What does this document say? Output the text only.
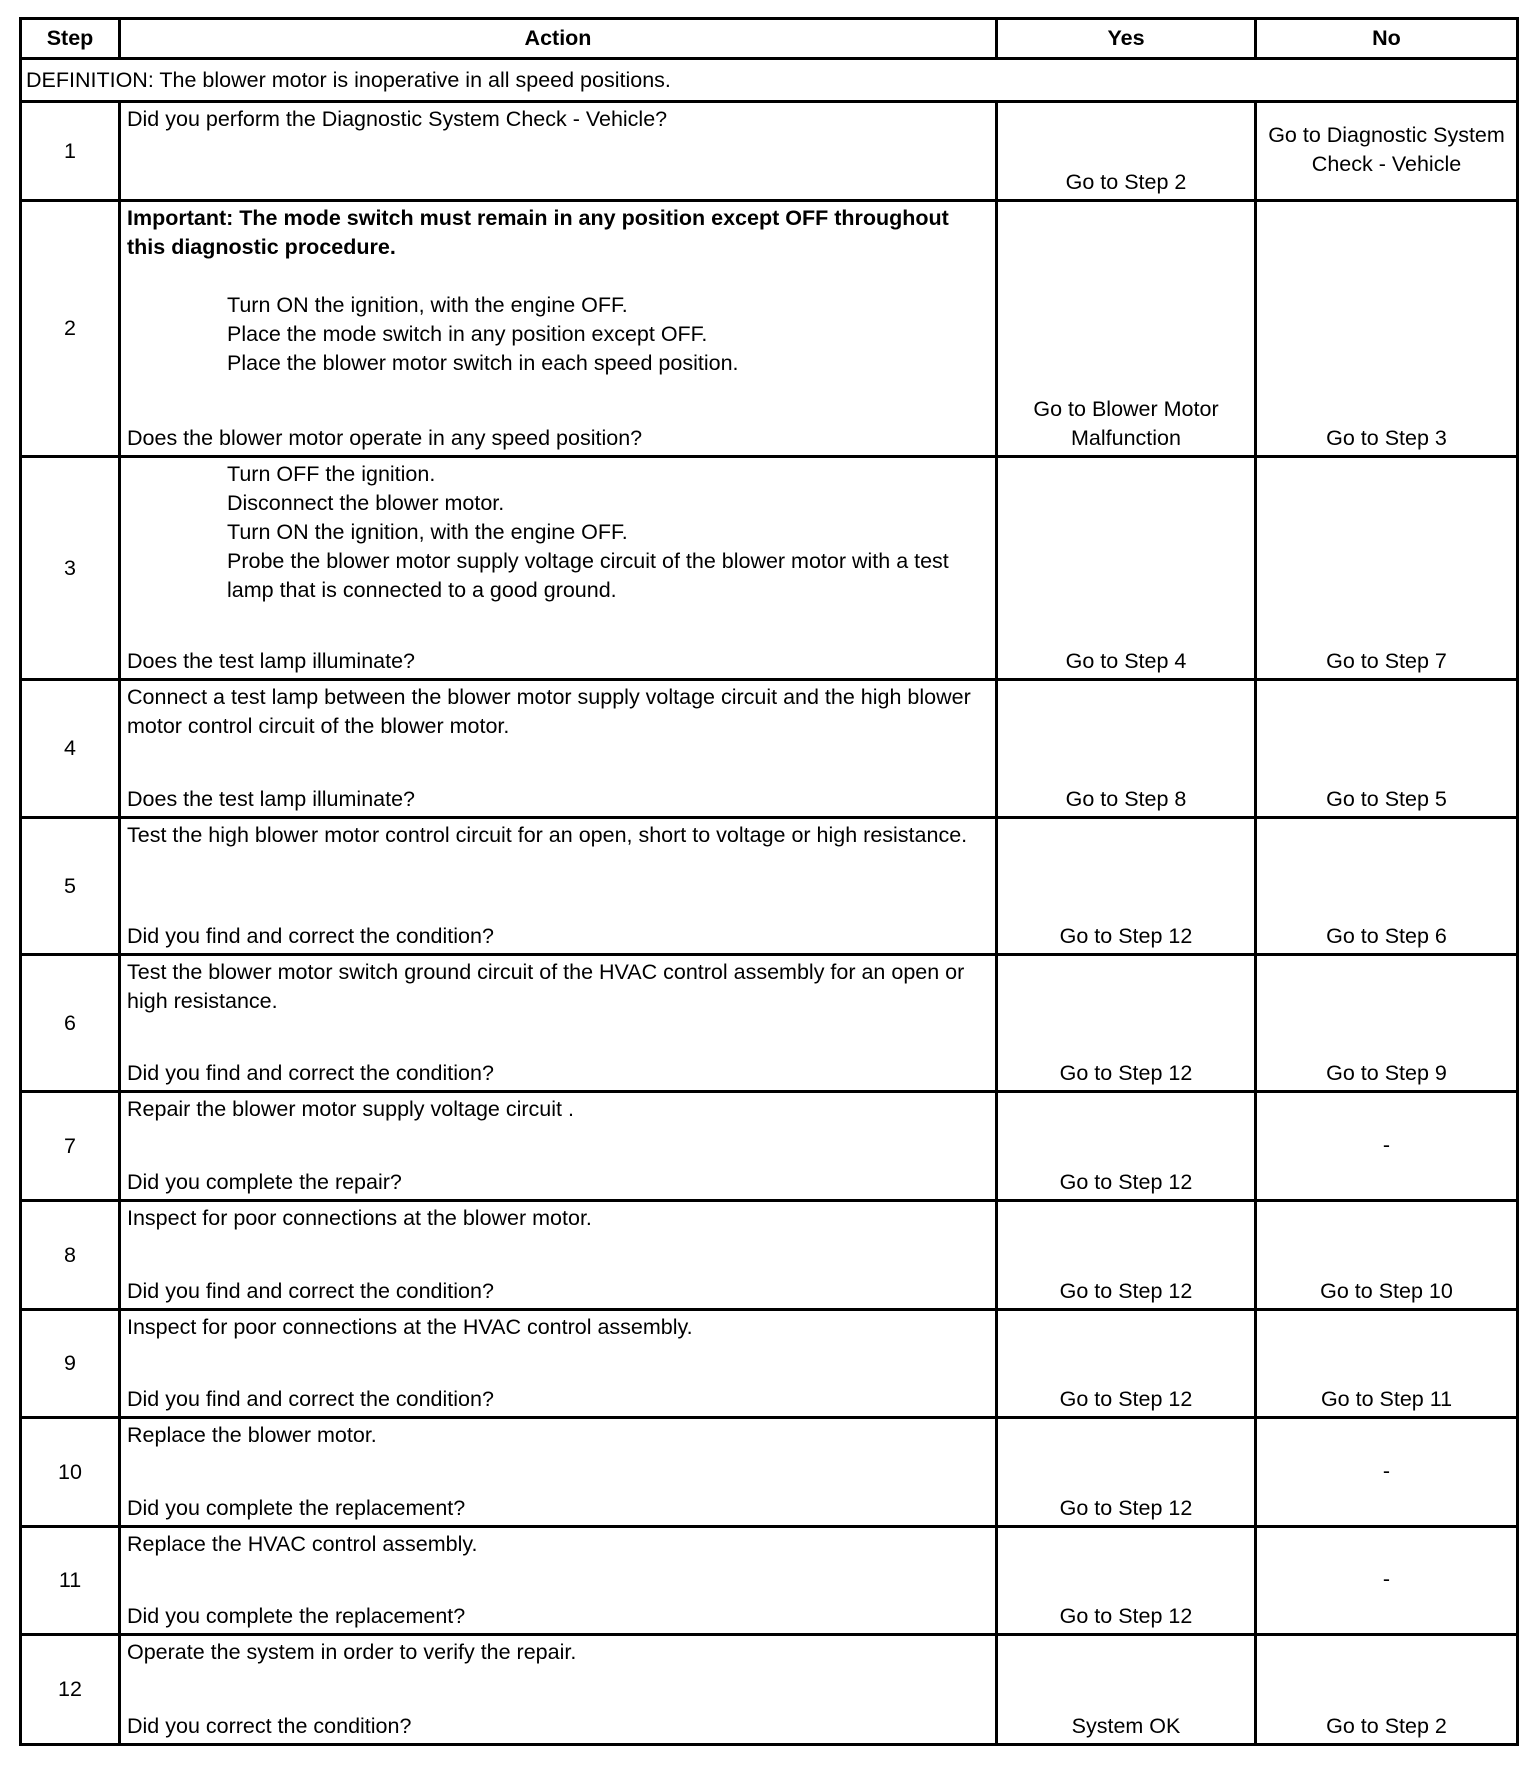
Step	Action	Yes	No
DEFINITION: The blower motor is inoperative in all speed positions.			
1	Did you perform the Diagnostic System Check - Vehicle?	Go to Step 2	Go to Diagnostic System Check - Vehicle
2	Important: The mode switch must remain in any position except OFF throughout this diagnostic procedure.
Turn ON the ignition, with the engine OFF.
Place the mode switch in any position except OFF.
Place the blower motor switch in each speed position.
Does the blower motor operate in any speed position?	Go to Blower Motor Malfunction	Go to Step 3
3	Turn OFF the ignition.
Disconnect the blower motor.
Turn ON the ignition, with the engine OFF.
Probe the blower motor supply voltage circuit of the blower motor with a test lamp that is connected to a good ground.
Does the test lamp illuminate?	Go to Step 4	Go to Step 7
4	Connect a test lamp between the blower motor supply voltage circuit and the high blower motor control circuit of the blower motor.
Does the test lamp illuminate?	Go to Step 8	Go to Step 5
5	Test the high blower motor control circuit for an open, short to voltage or high resistance.
Did you find and correct the condition?	Go to Step 12	Go to Step 6
6	Test the blower motor switch ground circuit of the HVAC control assembly for an open or high resistance.
Did you find and correct the condition?	Go to Step 12	Go to Step 9
7	Repair the blower motor supply voltage circuit .
Did you complete the repair?	Go to Step 12	-
8	Inspect for poor connections at the blower motor.
Did you find and correct the condition?	Go to Step 12	Go to Step 10
9	Inspect for poor connections at the HVAC control assembly.
Did you find and correct the condition?	Go to Step 12	Go to Step 11
10	Replace the blower motor.
Did you complete the replacement?	Go to Step 12	-
11	Replace the HVAC control assembly.
Did you complete the replacement?	Go to Step 12	-
12	Operate the system in order to verify the repair.
Did you correct the condition?	System OK	Go to Step 2
